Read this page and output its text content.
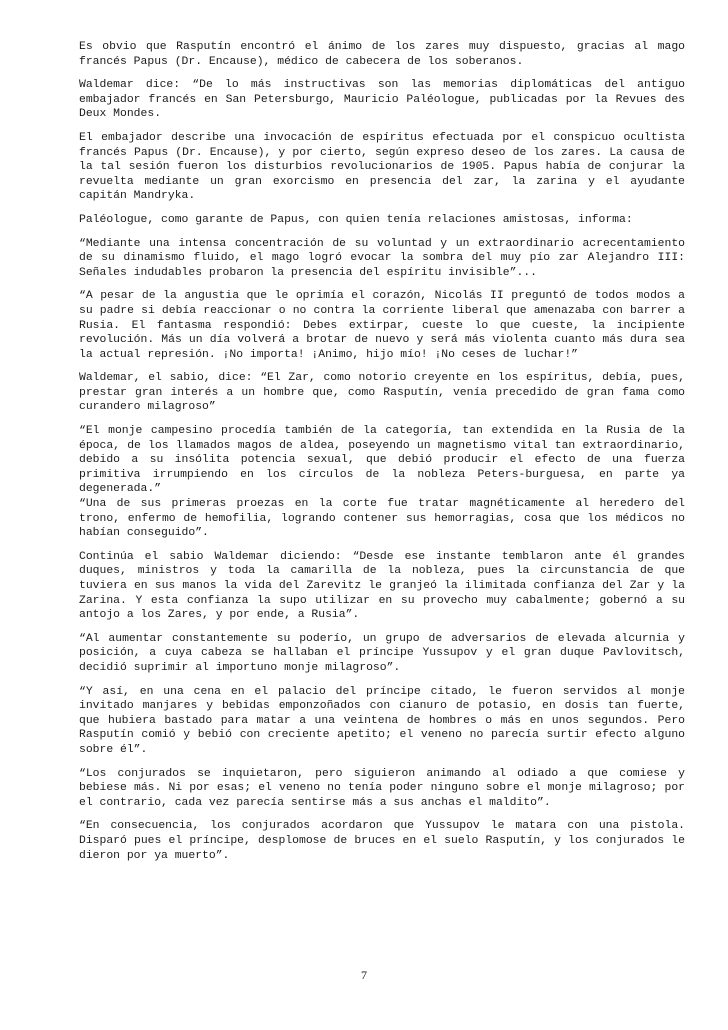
Es obvio que Rasputín encontró el ánimo de los zares muy dispuesto, gracias al mago francés Papus (Dr. Encause), médico de cabecera de los soberanos.

Waldemar dice: “De lo más instructivas son las memorias diplomáticas del antiguo embajador francés en San Petersburgo, Mauricio Paléologue, publicadas por la Revues des Deux Mondes.

El embajador describe una invocación de espíritus efectuada por el conspicuo ocultista francés Papus (Dr. Encause), y por cierto, según expreso deseo de los zares. La causa de la tal sesión fueron los disturbios revolucionarios de 1905. Papus había de conjurar la revuelta mediante un gran exorcismo en presencia del zar, la zarina y el ayudante capitán Mandryka.

Paléologue, como garante de Papus, con quien tenía relaciones amistosas, informa:

“Mediante una intensa concentración de su voluntad y un extraordinario acrecentamiento de su dinamismo fluido, el mago logró evocar la sombra del muy pío zar Alejandro III: Señales indudables probaron la presencia del espíritu invisible”...

“A pesar de la angustia que le oprimía el corazón, Nicolás II preguntó de todos modos a su padre si debía reaccionar o no contra la corriente liberal que amenazaba con barrer a Rusia. El fantasma respondió: Debes extirpar, cueste lo que cueste, la incipiente revolución. Más un día volverá a brotar de nuevo y será más violenta cuanto más dura sea la actual represión. ¡No importa! ¡Animo, hijo mío! ¡No ceses de luchar!”

Waldemar, el sabio, dice: “El Zar, como notorio creyente en los espíritus, debía, pues, prestar gran interés a un hombre que, como Rasputín, venía precedido de gran fama como curandero milagroso”

“El monje campesino procedía también de la categoría, tan extendida en la Rusia de la época, de los llamados magos de aldea, poseyendo un magnetismo vital tan extraordinario, debido a su insólita potencia sexual, que debió producir el efecto de una fuerza primitiva irrumpiendo en los círculos de la nobleza Peters-burguesa, en parte ya degenerada.”

“Una de sus primeras proezas en la corte fue tratar magnéticamente al heredero del trono, enfermo de hemofilia, logrando contener sus hemorragias, cosa que los médicos no habían conseguido”.

Continúa el sabio Waldemar diciendo: “Desde ese instante temblaron ante él grandes duques, ministros y toda la camarilla de la nobleza, pues la circunstancia de que tuviera en sus manos la vida del Zarevitz le granjeó la ilimitada confianza del Zar y la Zarina. Y esta confianza la supo utilizar en su provecho muy cabalmente; gobernó a su antojo a los Zares, y por ende, a Rusia”.

“Al aumentar constantemente su poderío, un grupo de adversarios de elevada alcurnia y posición, a cuya cabeza se hallaban el príncipe Yussupov y el gran duque Pavlovitsch, decidió suprimir al importuno monje milagroso”.

“Y así, en una cena en el palacio del príncipe citado, le fueron servidos al monje invitado manjares y bebidas emponzoñados con cianuro de potasio, en dosis tan fuerte, que hubiera bastado para matar a una veintena de hombres o más en unos segundos. Pero Rasputín comió y bebió con creciente apetito; el veneno no parecía surtir efecto alguno sobre él”.

“Los conjurados se inquietaron, pero siguieron animando al odiado a que comiese y bebiese más. Ni por esas; el veneno no tenía poder ninguno sobre el monje milagroso; por el contrario, cada vez parecía sentirse más a sus anchas el maldito”.

“En consecuencia, los conjurados acordaron que Yussupov le matara con una pistola. Disparó pues el príncipe, desplomose de bruces en el suelo Rasputín, y los conjurados le dieron por ya muerto”.

7
